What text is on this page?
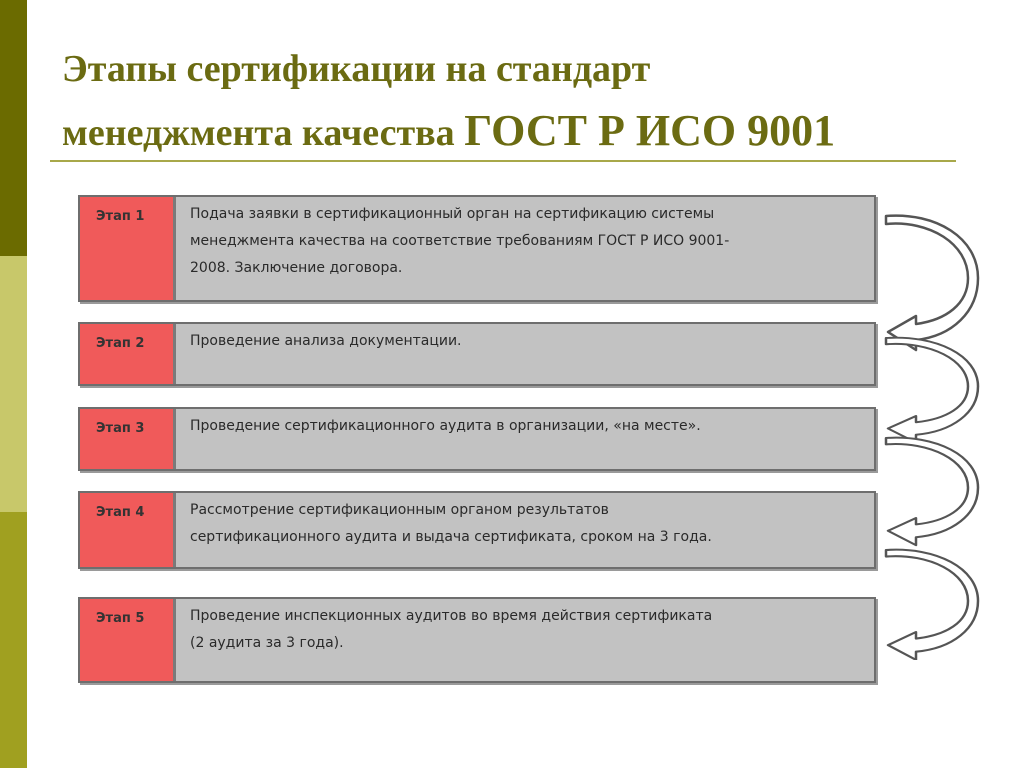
Этапы сертификации на стандарт
менеджмента качества ГОСТ Р ИСО 9001
Этап 1	Подача заявки в сертификационный орган на сертификацию системы
менеджмента качества на соответствие требованиям ГОСТ Р ИСО 9001-
2008. Заключение договора.
Этап 2	Проведение анализа документации.
Этап 3	Проведение сертификационного аудита в организации, «на месте».
Этап 4	Рассмотрение сертификационным органом результатов
сертификационного аудита и выдача сертификата, сроком на 3 года.
Этап 5	Проведение инспекционных аудитов во время действия сертификата
(2 аудита за 3 года).
